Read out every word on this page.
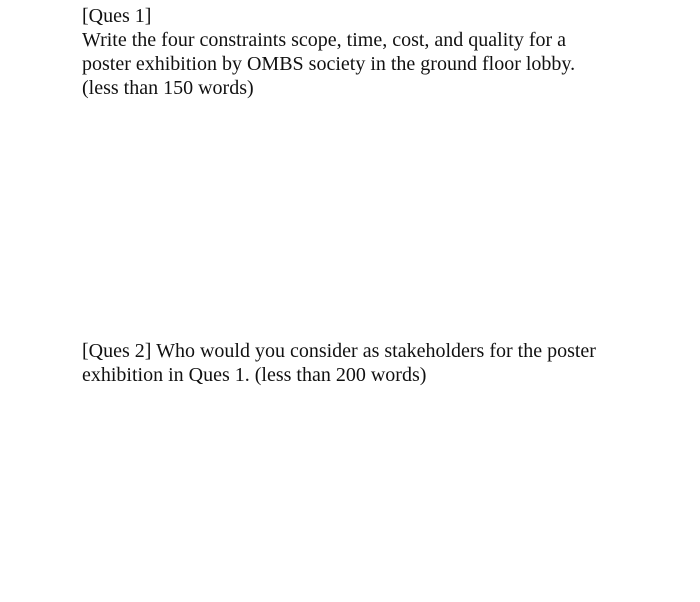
[Ques 1]
Write the four constraints scope, time, cost, and quality for a
poster exhibition by OMBS society in the ground floor lobby.
(less than 150 words)
[Ques 2] Who would you consider as stakeholders for the poster
exhibition in Ques 1. (less than 200 words)
